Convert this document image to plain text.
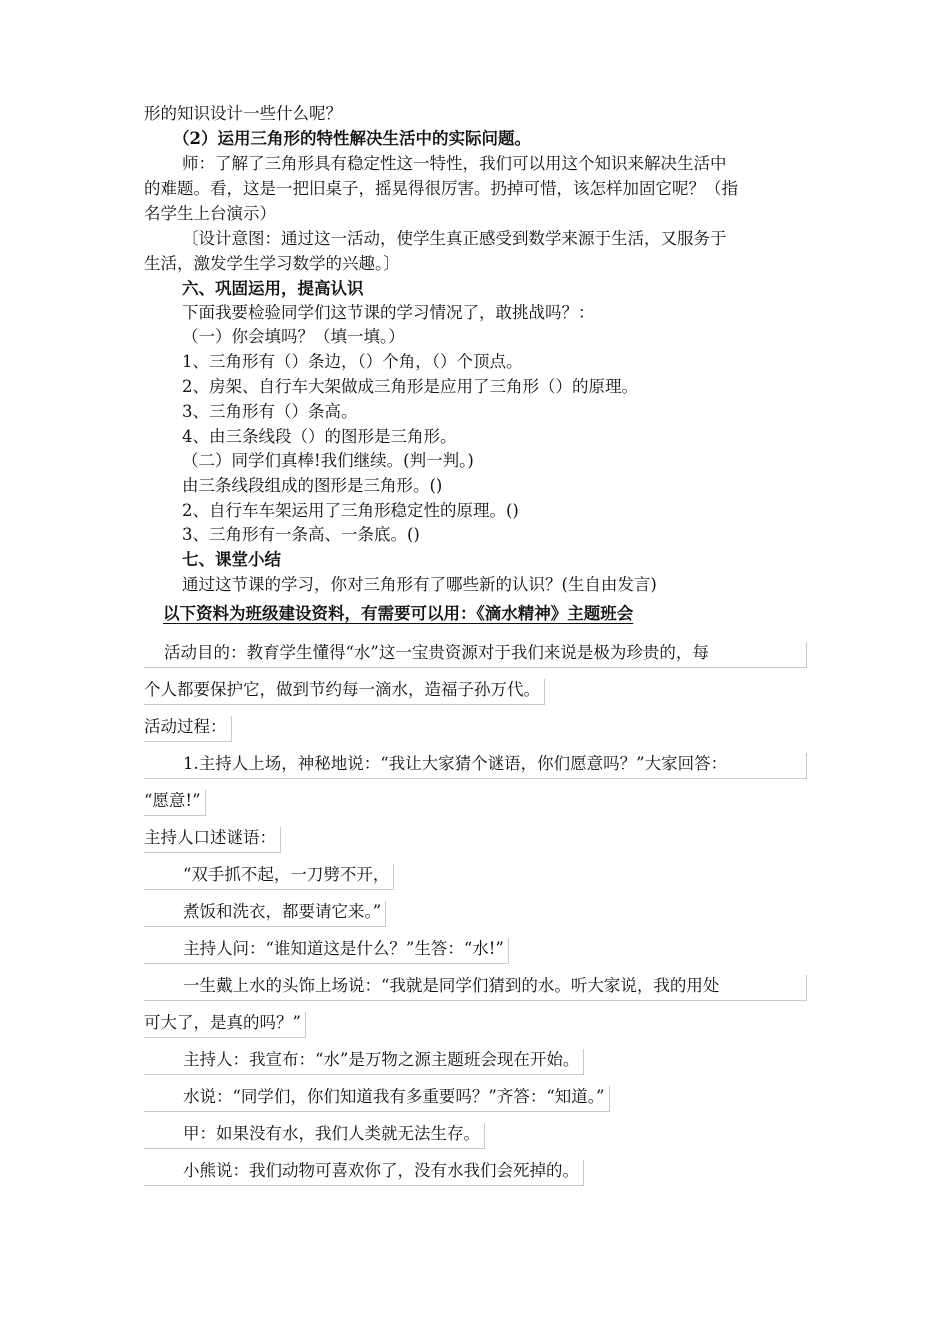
形的知识设计一些什么呢？
（2）运用三角形的特性解决生活中的实际问题。
师：了解了三角形具有稳定性这一特性，我们可以用这个知识来解决生活中
的难题。看，这是一把旧桌子，摇晃得很厉害。扔掉可惜，该怎样加固它呢？（指
名学生上台演示）
〔设计意图：通过这一活动，使学生真正感受到数学来源于生活，又服务于
生活，激发学生学习数学的兴趣。〕
六、巩固运用，提高认识
下面我要检验同学们这节课的学习情况了，敢挑战吗？：
（一）你会填吗？（填一填。）
1、三角形有（）条边，（）个角，（）个顶点。
2、房架、自行车大架做成三角形是应用了三角形（）的原理。
3、三角形有（）条高。
4、由三条线段（）的图形是三角形。
（二）同学们真棒!我们继续。(判一判。)
由三条线段组成的图形是三角形。()
2、自行车车架运用了三角形稳定性的原理。()
3、三角形有一条高、一条底。()
七、课堂小结
通过这节课的学习，你对三角形有了哪些新的认识？(生自由发言)
以下资料为班级建设资料，有需要可以用：《滴水精神》主题班会
活动目的：教育学生懂得“水”这一宝贵资源对于我们来说是极为珍贵的，每
个人都要保护它，做到节约每一滴水，造福子孙万代。
活动过程：
1.主持人上场，神秘地说：“我让大家猜个谜语，你们愿意吗？”大家回答：
“愿意!”
主持人口述谜语：
“双手抓不起，一刀劈不开，
煮饭和洗衣，都要请它来。”
主持人问：“谁知道这是什么？”生答：“水!”
一生戴上水的头饰上场说：“我就是同学们猜到的水。听大家说，我的用处
可大了，是真的吗？”
主持人：我宣布：“水”是万物之源主题班会现在开始。
水说：“同学们，你们知道我有多重要吗？”齐答：“知道。”
甲：如果没有水，我们人类就无法生存。
小熊说：我们动物可喜欢你了，没有水我们会死掉的。
